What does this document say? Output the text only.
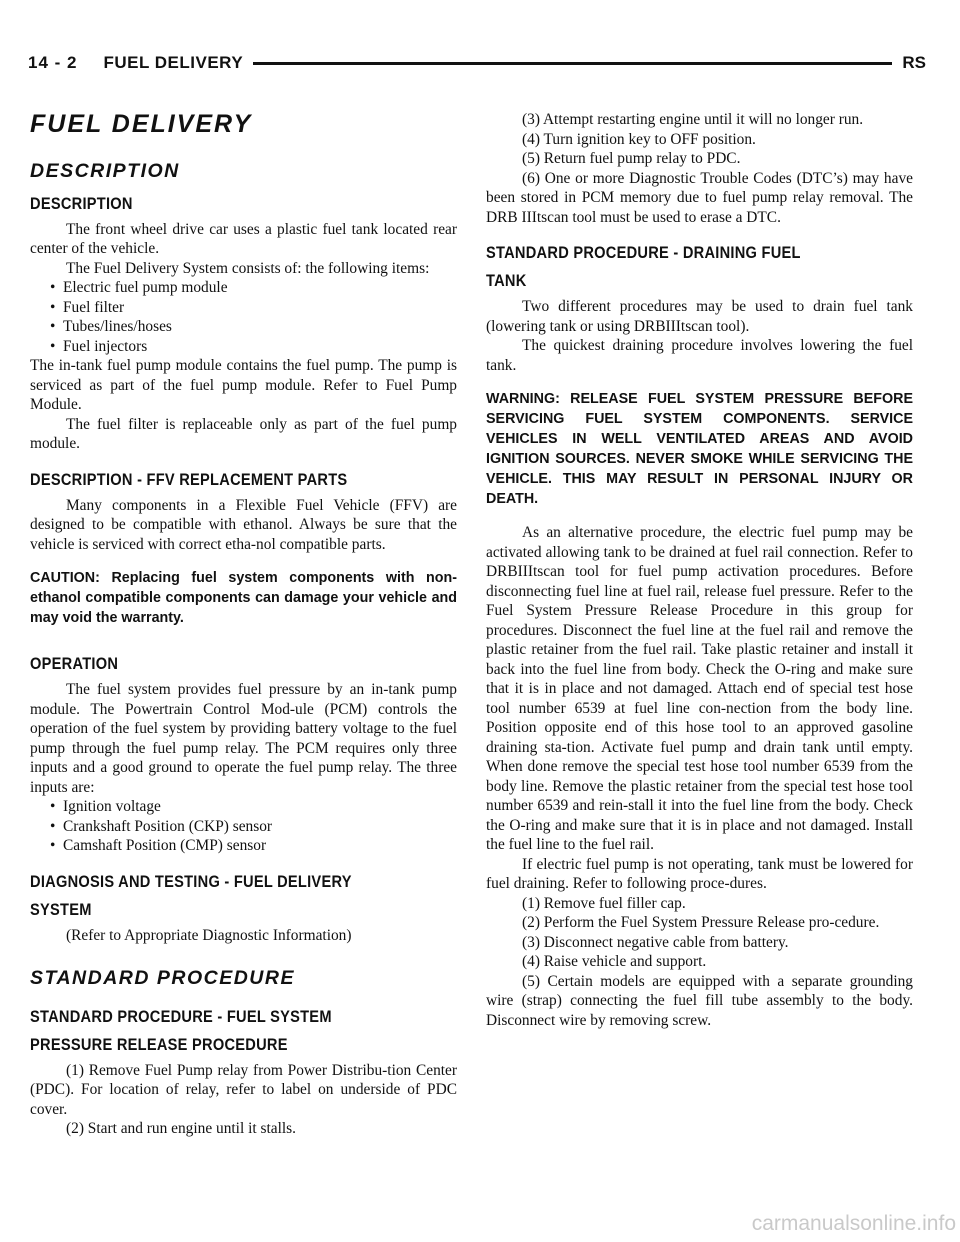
14 - 2 FUEL DELIVERY	RS
FUEL DELIVERY
DESCRIPTION
DESCRIPTION

The front wheel drive car uses a plastic fuel tank located rear center of the vehicle.

The Fuel Delivery System consists of: the following items:

• Electric fuel pump module
• Fuel filter
• Tubes/lines/hoses
• Fuel injectors

The in-tank fuel pump module contains the fuel pump. The pump is serviced as part of the fuel pump module. Refer to Fuel Pump Module.

The fuel filter is replaceable only as part of the fuel pump module.

DESCRIPTION - FFV REPLACEMENT PARTS

Many components in a Flexible Fuel Vehicle (FFV) are designed to be compatible with ethanol. Always be sure that the vehicle is serviced with correct etha-nol compatible parts.

CAUTION: Replacing fuel system components with non-ethanol compatible components can damage your vehicle and may void the warranty.

OPERATION

The fuel system provides fuel pressure by an in-tank pump module. The Powertrain Control Mod-ule (PCM) controls the operation of the fuel system by providing battery voltage to the fuel pump through the fuel pump relay. The PCM requires only three inputs and a good ground to operate the fuel pump relay. The three inputs are:

• Ignition voltage
• Crankshaft Position (CKP) sensor
• Camshaft Position (CMP) sensor
DIAGNOSIS AND TESTING - FUEL DELIVERY
SYSTEM

(Refer to Appropriate Diagnostic Information)

STANDARD PROCEDURE
STANDARD PROCEDURE - FUEL SYSTEM
PRESSURE RELEASE PROCEDURE

(1) Remove Fuel Pump relay from Power Distribu-tion Center (PDC). For location of relay, refer to label on underside of PDC cover.

(2) Start and run engine until it stalls.

(3) Attempt restarting engine until it will no longer run.

(4) Turn ignition key to OFF position.

(5) Return fuel pump relay to PDC.

(6) One or more Diagnostic Trouble Codes (DTC’s) may have been stored in PCM memory due to fuel pump relay removal. The DRB IIItscan tool must be used to erase a DTC.

STANDARD PROCEDURE - DRAINING FUEL
TANK

Two different procedures may be used to drain fuel tank (lowering tank or using DRBIIItscan tool).

The quickest draining procedure involves lowering the fuel tank.

WARNING: RELEASE FUEL SYSTEM PRESSURE BEFORE SERVICING FUEL SYSTEM COMPONENTS. SERVICE VEHICLES IN WELL VENTILATED AREAS AND AVOID IGNITION SOURCES. NEVER SMOKE WHILE SERVICING THE VEHICLE. THIS MAY RESULT IN PERSONAL INJURY OR DEATH.

As an alternative procedure, the electric fuel pump may be activated allowing tank to be drained at fuel rail connection. Refer to DRBIIItscan tool for fuel pump activation procedures. Before disconnecting fuel line at fuel rail, release fuel pressure. Refer to the Fuel System Pressure Release Procedure in this group for procedures. Disconnect the fuel line at the fuel rail and remove the plastic retainer from the fuel rail. Take plastic retainer and install it back into the fuel line from body. Check the O-ring and make sure that it is in place and not damaged. Attach end of special test hose tool number 6539 at fuel line con-nection from the body line. Position opposite end of this hose tool to an approved gasoline draining sta-tion. Activate fuel pump and drain tank until empty. When done remove the special test hose tool number 6539 from the body line. Remove the plastic retainer from the special test hose tool number 6539 and rein-stall it into the fuel line from the body. Check the O-ring and make sure that it is in place and not damaged. Install the fuel line to the fuel rail.

If electric fuel pump is not operating, tank must be lowered for fuel draining. Refer to following proce-dures.

(1) Remove fuel filler cap.

(2) Perform the Fuel System Pressure Release pro-cedure.

(3) Disconnect negative cable from battery.

(4) Raise vehicle and support.

(5) Certain models are equipped with a separate grounding wire (strap) connecting the fuel fill tube assembly to the body. Disconnect wire by removing screw.

carmanualsonline.info
